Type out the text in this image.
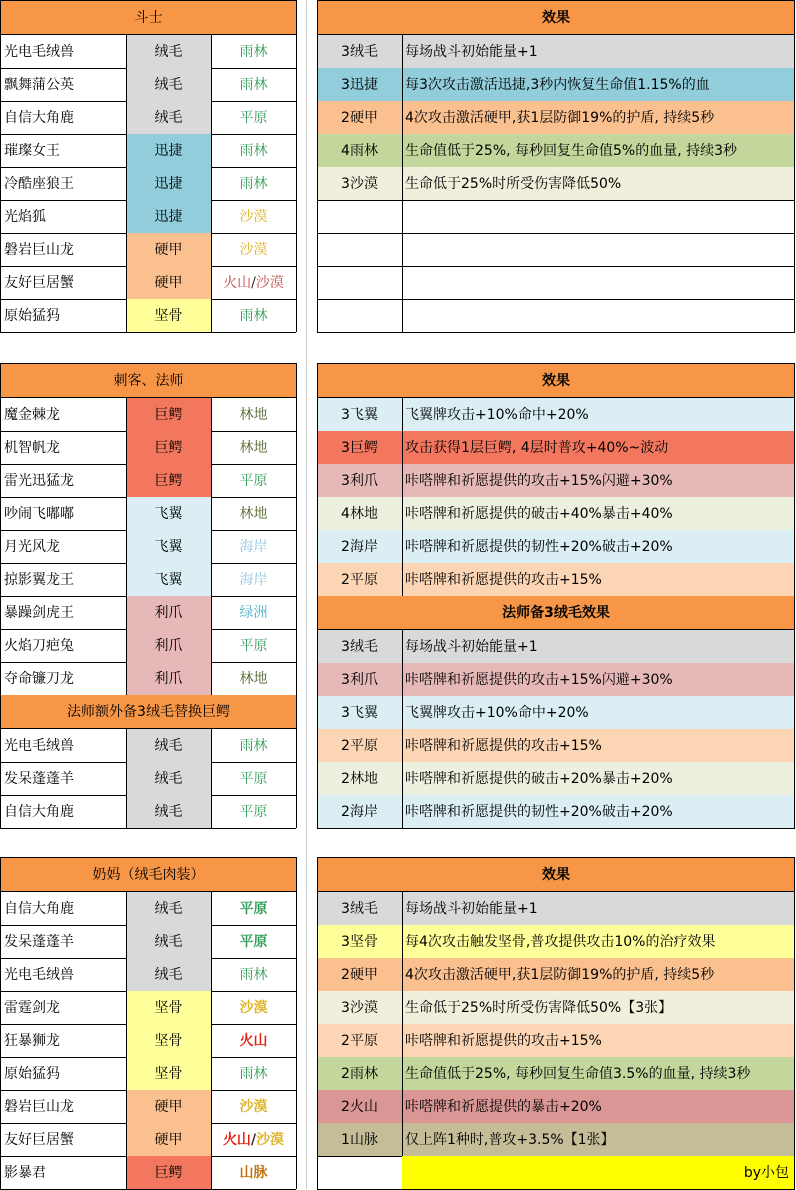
斗士	效果
光电毛绒兽	绒毛	雨林
飘舞蒲公英	绒毛	雨林
自信大角鹿	绒毛	平原
璀璨女王	迅捷	雨林
冷酷座狼王	迅捷	雨林
光焰狐	迅捷	沙漠
磐岩巨山龙	硬甲	沙漠
友好巨居蟹	硬甲	火山 / 沙漠
原始猛犸	坚骨	雨林
3绒毛	每场战斗初始能量+1
3迅捷	每3次攻击激活迅捷,3秒内恢复生命值1.15%的血
2硬甲	4次攻击激活硬甲,获1层防御19%的护盾, 持续5秒
4雨林	生命值低于25%, 每秒回复生命值5%的血量, 持续3秒
3沙漠	生命低于25%时所受伤害降低50%
刺客、法师	效果
魔金棘龙	巨鳄	林地
机智帆龙	巨鳄	林地
雷光迅猛龙	巨鳄	平原
吵闹飞嘟嘟	飞翼	林地
月光风龙	飞翼	海岸
掠影翼龙王	飞翼	海岸
暴躁剑虎王	利爪	绿洲
火焰刀疤兔	利爪	平原
夺命镰刀龙	利爪	林地
3飞翼	飞翼牌攻击+10%命中+20%
3巨鳄	攻击获得1层巨鳄, 4层时普攻+40%~波动
3利爪	咔嗒牌和祈愿提供的攻击+15%闪避+30%
4林地	咔嗒牌和祈愿提供的破击+40%暴击+40%
2海岸	咔嗒牌和祈愿提供的韧性+20%破击+20%
2平原	咔嗒牌和祈愿提供的攻击+15%
法师备3绒毛效果
3绒毛	每场战斗初始能量+1
3利爪	咔嗒牌和祈愿提供的攻击+15%闪避+30%
3飞翼	飞翼牌攻击+10%命中+20%
2平原	咔嗒牌和祈愿提供的攻击+15%
2林地	咔嗒牌和祈愿提供的破击+20%暴击+20%
2海岸	咔嗒牌和祈愿提供的韧性+20%破击+20%
法师额外备3绒毛替换巨鳄
光电毛绒兽	绒毛	雨林
发呆蓬蓬羊	绒毛	平原
自信大角鹿	绒毛	平原
奶妈（绒毛肉装）	效果
自信大角鹿	绒毛	平原
发呆蓬蓬羊	绒毛	平原
光电毛绒兽	绒毛	雨林
雷霆剑龙	坚骨	沙漠
狂暴狮龙	坚骨	火山
原始猛犸	坚骨	雨林
磐岩巨山龙	硬甲	沙漠
友好巨居蟹	硬甲	火山 / 沙漠
影暴君	巨鳄	山脉
3绒毛	每场战斗初始能量+1
3坚骨	每4次攻击触发坚骨,普攻提供攻击10%的治疗效果
2硬甲	4次攻击激活硬甲,获1层防御19%的护盾, 持续5秒
3沙漠	生命低于25%时所受伤害降低50%【3张】
2平原	咔嗒牌和祈愿提供的攻击+15%
2雨林	生命值低于25%, 每秒回复生命值3.5%的血量, 持续3秒
2火山	咔嗒牌和祈愿提供的暴击+20%
1山脉	仅上阵1种时,普攻+3.5%【1张】
by小包
